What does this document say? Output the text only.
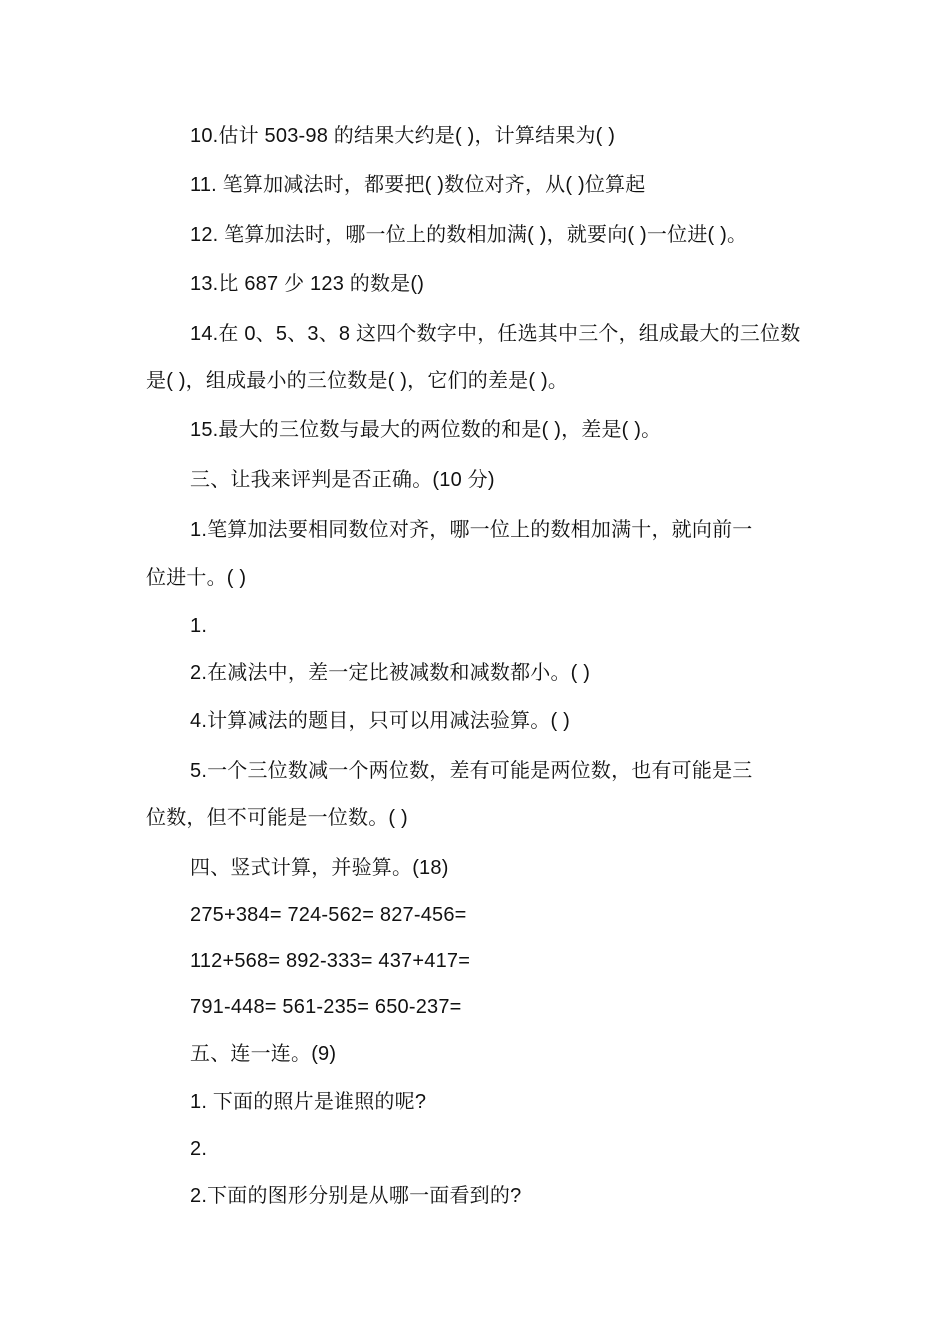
10.估计 503-98 的结果大约是( )，计算结果为( )
11. 笔算加减法时，都要把( )数位对齐，从( )位算起
12. 笔算加法时，哪一位上的数相加满( )，就要向( )一位进( )。
13.比 687 少 123 的数是()
14.在 0、5、3、8 这四个数字中，任选其中三个，组成最大的三位数
是( )，组成最小的三位数是( )，它们的差是( )。
15.最大的三位数与最大的两位数的和是( )，差是( )。
三、让我来评判是否正确。(10 分)
1.笔算加法要相同数位对齐，哪一位上的数相加满十，就向前一
位进十。( )
1.
2.在减法中，差一定比被减数和减数都小。( )
4.计算减法的题目，只可以用减法验算。( )
5.一个三位数减一个两位数，差有可能是两位数，也有可能是三
位数，但不可能是一位数。( )
四、竖式计算，并验算。(18)
275+384= 724-562= 827-456=
112+568= 892-333= 437+417=
791-448= 561-235= 650-237=
五、连一连。(9)
1. 下面的照片是谁照的呢?
2.
2.下面的图形分别是从哪一面看到的?
